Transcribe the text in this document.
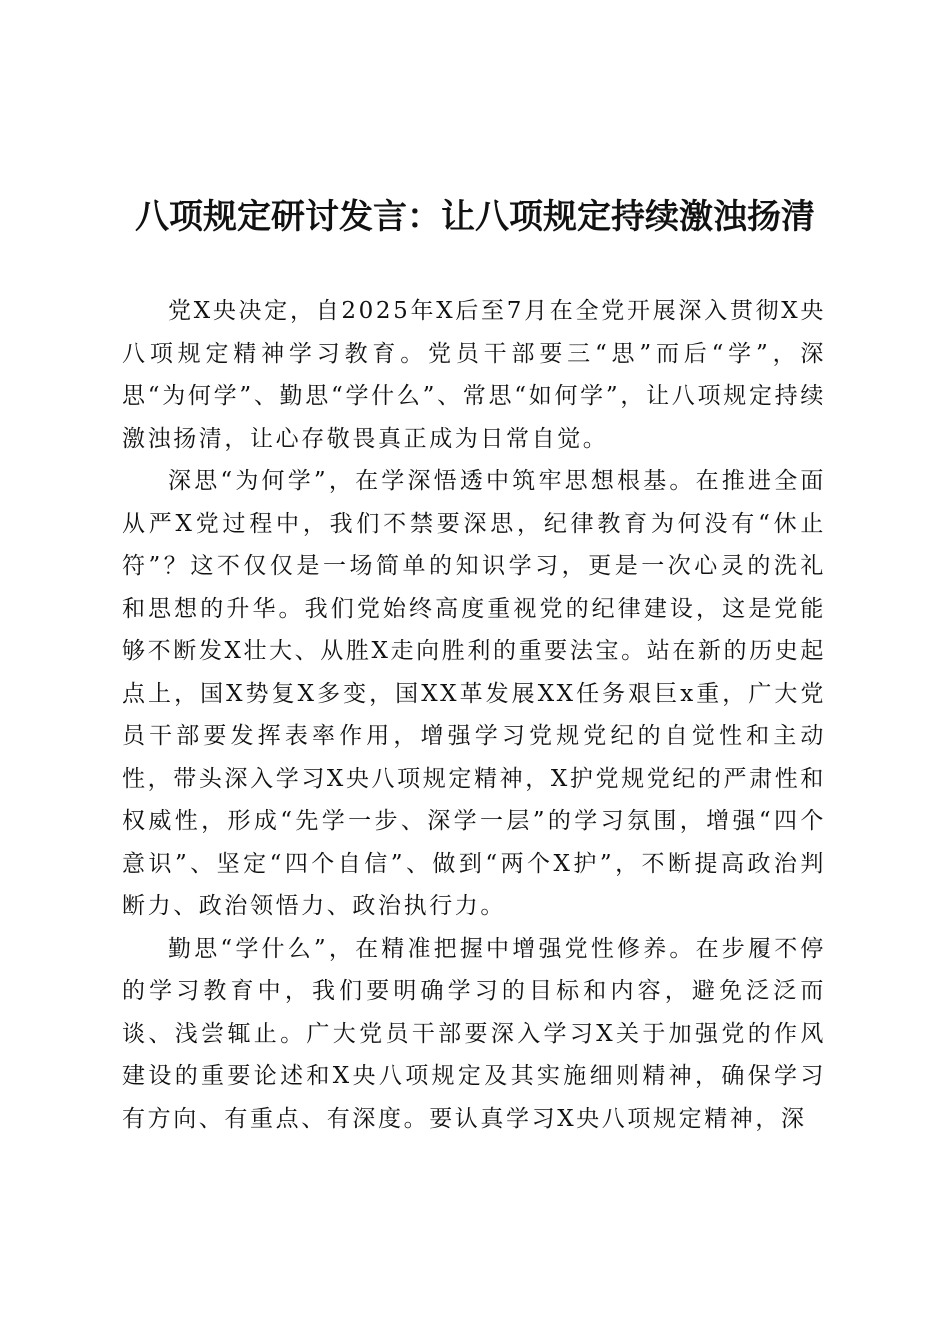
八项规定研讨发言：让八项规定持续激浊扬清

党X央决定，自2025年X后至7月在全党开展深入贯彻X央八项规定精神学习教育。党员干部要三“思”而后“学”，深思“为何学”、勤思“学什么”、常思“如何学”，让八项规定持续激浊扬清，让心存敬畏真正成为日常自觉。

深思“为何学”，在学深悟透中筑牢思想根基。在推进全面从严X党过程中，我们不禁要深思，纪律教育为何没有“休止符”？这不仅仅是一场简单的知识学习，更是一次心灵的洗礼和思想的升华。我们党始终高度重视党的纪律建设，这是党能够不断发X壮大、从胜X走向胜利的重要法宝。站在新的历史起点上，国X势复X多变，国XX革发展XX任务艰巨x重，广大党员干部要发挥表率作用，增强学习党规党纪的自觉性和主动性，带头深入学习X央八项规定精神，X护党规党纪的严肃性和权威性，形成“先学一步、深学一层”的学习氛围，增强“四个意识”、坚定“四个自信”、做到“两个X护”，不断提高政治判断力、政治领悟力、政治执行力。

勤思“学什么”，在精准把握中增强党性修养。在步履不停的学习教育中，我们要明确学习的目标和内容，避免泛泛而谈、浅尝辄止。广大党员干部要深入学习X关于加强党的作风建设的重要论述和X央八项规定及其实施细则精神，确保学习有方向、有重点、有深度。要认真学习X央八项规定精神，深
